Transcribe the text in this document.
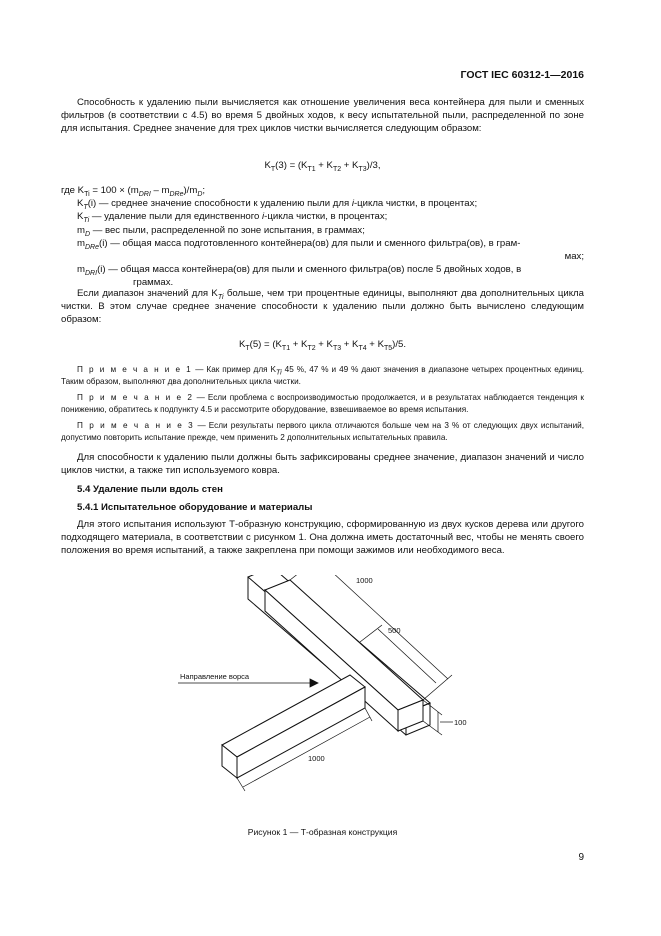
ГОСТ IEC 60312-1—2016

Способность к удалению пыли вычисляется как отношение увеличения веса контейнера для пыли и сменных фильтров (в соответствии с 4.5) во время 5 двойных ходов, к весу испытательной пыли, распределенной по зоне для испытания. Среднее значение для трех циклов чистки вычисляется следующим образом:

$K_T(3) = (K_{T1} + K_{T2} + K_{T3})/3$,

где $K_{Ti} = 100 \times (m_{DRI} - m_{DRe})/m_D$;

$K_T(i)$ — среднее значение способности к удалению пыли для i-цикла чистки, в процентах;

$K_{Ti}$ — удаление пыли для единственного i-цикла чистки, в процентах;

$m_D$ — вес пыли, распределенной по зоне испытания, в граммах;

$m_{DRe}(i)$ — общая масса подготовленного контейнера(ов) для пыли и сменного фильтра(ов), в грам-
мах;

$m_{DRI}(i)$ — общая масса контейнера(ов) для пыли и сменного фильтра(ов) после 5 двойных ходов, в
граммах.

Если диапазон значений для $K_{Ti}$ больше, чем три процентные единицы, выполняют два дополнительных цикла чистки. В этом случае среднее значение способности к удалению пыли должно быть вычислено следующим образом:

$K_T(5) = (K_{T1} + K_{T2} + K_{T3} + K_{T4} + K_{T5})/5$.

П р и м е ч а н и е 1 — Как пример для $K_{Ti}$ 45 %, 47 % и 49 % дают значения в диапазоне четырех процентных единиц. Таким образом, выполняют два дополнительных цикла чистки.

П р и м е ч а н и е 2 — Если проблема с воспроизводимостью продолжается, и в результатах наблюдается тенденция к понижению, обратитесь к подпункту 4.5 и рассмотрите оборудование, взвешиваемое во время испытания.

П р и м е ч а н и е 3 — Если результаты первого цикла отличаются больше чем на 3 % от следующих двух испытаний, допустимо повторить испытание прежде, чем применить 2 дополнительных испытательных правила.

Для способности к удалению пыли должны быть зафиксированы среднее значение, диапазон значений и число циклов чистки, а также тип используемого ковра.

5.4 Удаление пыли вдоль стен

5.4.1 Испытательное оборудование и материалы

Для этого испытания используют Т-образную конструкцию, сформированную из двух кусков дерева или другого подходящего материала, в соответствии с рисунком 1. Она должна иметь достаточный вес, чтобы не менять своего положения во время испытаний, а также закреплена при помощи зажимов или необходимого веса.

Направление ворса
1000
500
100
1000
Рисунок 1 — Т-образная конструкция
9
